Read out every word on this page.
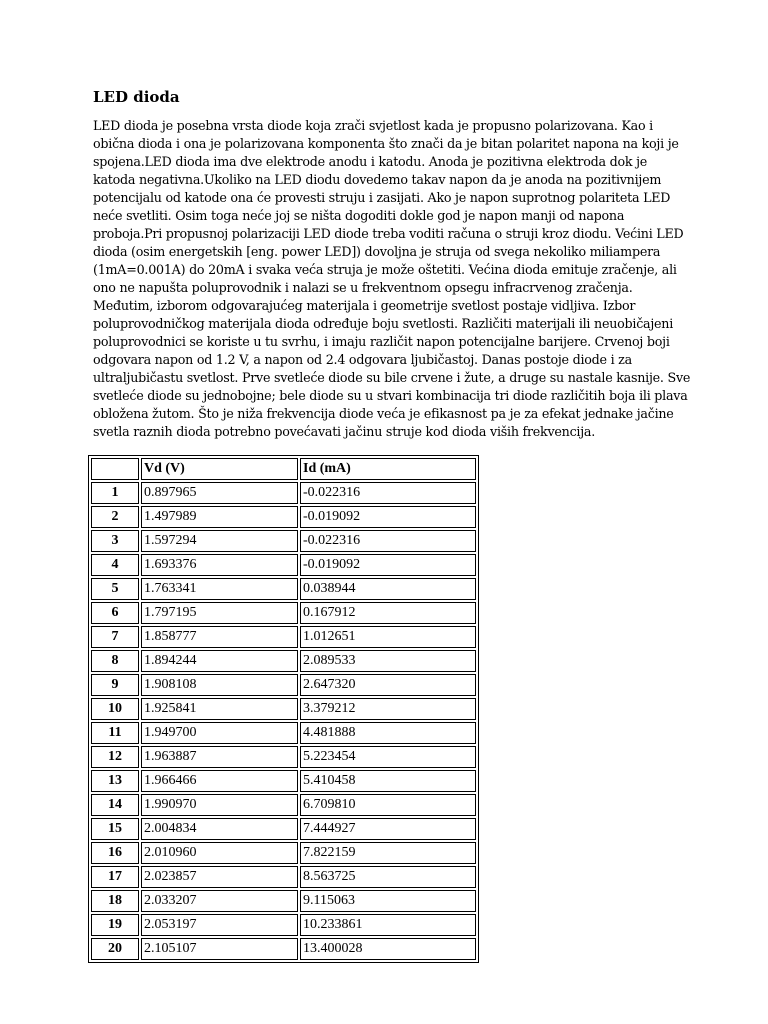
LED dioda

LED dioda je posebna vrsta diode koja zrači svjetlost kada je propusno polarizovana. Kao i
obična dioda i ona je polarizovana komponenta što znači da je bitan polaritet napona na koji je
spojena.LED dioda ima dve elektrode anodu i katodu. Anoda je pozitivna elektroda dok je
katoda negativna.Ukoliko na LED diodu dovedemo takav napon da je anoda na pozitivnijem
potencijalu od katode ona će provesti struju i zasijati. Ako je napon suprotnog polariteta LED
neće svetliti. Osim toga neće joj se ništa dogoditi dokle god je napon manji od napona
proboja.Pri propusnoj polarizaciji LED diode treba voditi računa o struji kroz diodu. Većini LED
dioda (osim energetskih [eng. power LED]) dovoljna je struja od svega nekoliko miliampera
(1mA=0.001A) do 20mA i svaka veća struja je može oštetiti. Većina dioda emituje zračenje, ali
ono ne napušta poluprovodnik i nalazi se u frekventnom opsegu infracrvenog zračenja.
Međutim, izborom odgovarajućeg materijala i geometrije svetlost postaje vidljiva. Izbor
poluprovodničkog materijala dioda određuje boju svetlosti. Različiti materijali ili neuobičajeni
poluprovodnici se koriste u tu svrhu, i imaju različit napon potencijalne barijere. Crvenoj boji
odgovara napon od 1.2 V, a napon od 2.4 odgovara ljubičastoj. Danas postoje diode i za
ultraljubičastu svetlost. Prve svetleće diode su bile crvene i žute, a druge su nastale kasnije. Sve
svetleće diode su jednobojne; bele diode su u stvari kombinacija tri diode različitih boja ili plava
obložena žutom. Što je niža frekvencija diode veća je efikasnost pa je za efekat jednake jačine
svetla raznih dioda potrebno povećavati jačinu struje kod dioda viših frekvencija.

	Vd (V)	Id (mA)
1	0.897965	-0.022316
2	1.497989	-0.019092
3	1.597294	-0.022316
4	1.693376	-0.019092
5	1.763341	0.038944
6	1.797195	0.167912
7	1.858777	1.012651
8	1.894244	2.089533
9	1.908108	2.647320
10	1.925841	3.379212
11	1.949700	4.481888
12	1.963887	5.223454
13	1.966466	5.410458
14	1.990970	6.709810
15	2.004834	7.444927
16	2.010960	7.822159
17	2.023857	8.563725
18	2.033207	9.115063
19	2.053197	10.233861
20	2.105107	13.400028
